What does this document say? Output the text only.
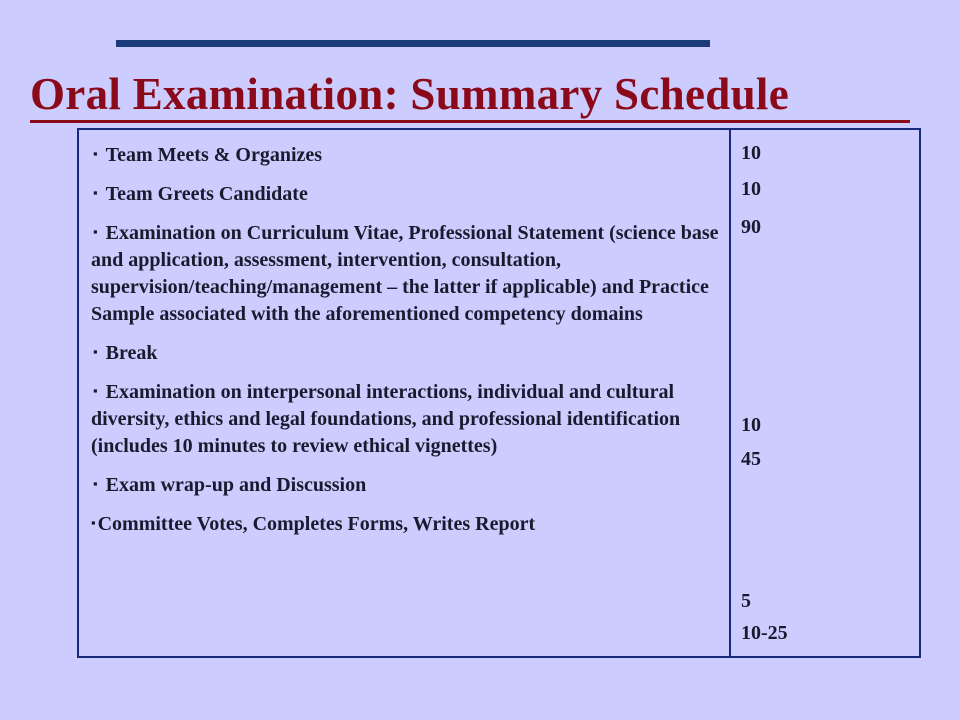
Oral Examination: Summary Schedule
▪ Team Meets & Organizes
▪ Team Greets Candidate
▪ Examination on Curriculum Vitae, Professional Statement (science base and application, assessment, intervention, consultation, supervision/teaching/management – the latter if applicable) and Practice Sample associated with the aforementioned competency domains
▪ Break
▪ Examination on interpersonal interactions, individual and cultural diversity, ethics and legal foundations, and professional identification (includes 10 minutes to review ethical vignettes)
▪ Exam wrap-up and Discussion
▪ Committee Votes, Completes Forms, Writes Report
10
10
90
10
45
5
10-25
